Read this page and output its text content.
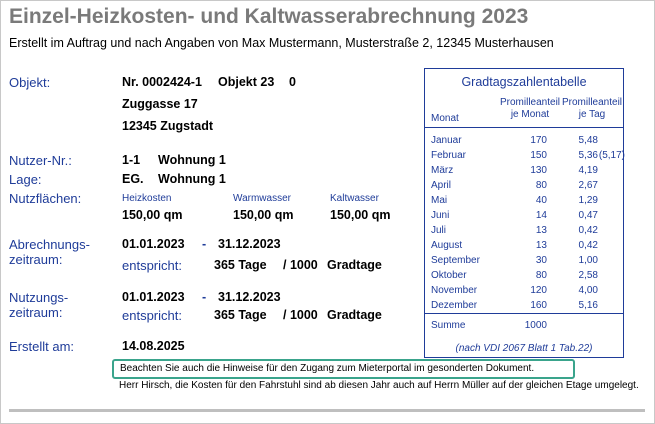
Einzel-Heizkosten- und Kaltwasserabrechnung 2023
Erstellt im Auftrag und nach Angaben von Max Mustermann, Musterstraße 2, 12345 Musterhausen
Objekt:	Nr. 0002424-1 Objekt 23 0
Zuggasse 17
12345 Zugstadt
Nutzer-Nr.:	1-1 Wohnung 1
Lage:	EG. Wohnung 1
Nutzflächen:	Heizkosten	Warmwasser	Kaltwasser
150,00 qm	150,00 qm	150,00 qm
Abrechnungs-
zeitraum:
01.01.2023 - 31.12.2023
entspricht:	365 Tage / 1000 Gradtage
Nutzungs-
zeitraum:
01.01.2023 - 31.12.2023
entspricht:	365 Tage / 1000 Gradtage
Erstellt am:	14.08.2025
Gradtagszahlentabelle
Monat
Promilleanteil
je Monat
Promilleanteil
je Tag
Januar	170	5,48
Februar	150	5,36 (5,17)
März	130	4,19
April	80	2,67
Mai	40	1,29
Juni	14	0,47
Juli	13	0,42
August	13	0,42
September	30	1,00
Oktober	80	2,58
November	120	4,00
Dezember	160	5,16
Summe	1000
(nach VDI 2067 Blatt 1 Tab.22)
Beachten Sie auch die Hinweise für den Zugang zum Mieterportal im gesonderten Dokument.
Herr Hirsch, die Kosten für den Fahrstuhl sind ab diesen Jahr auch auf Herrn Müller auf der gleichen Etage umgelegt.
